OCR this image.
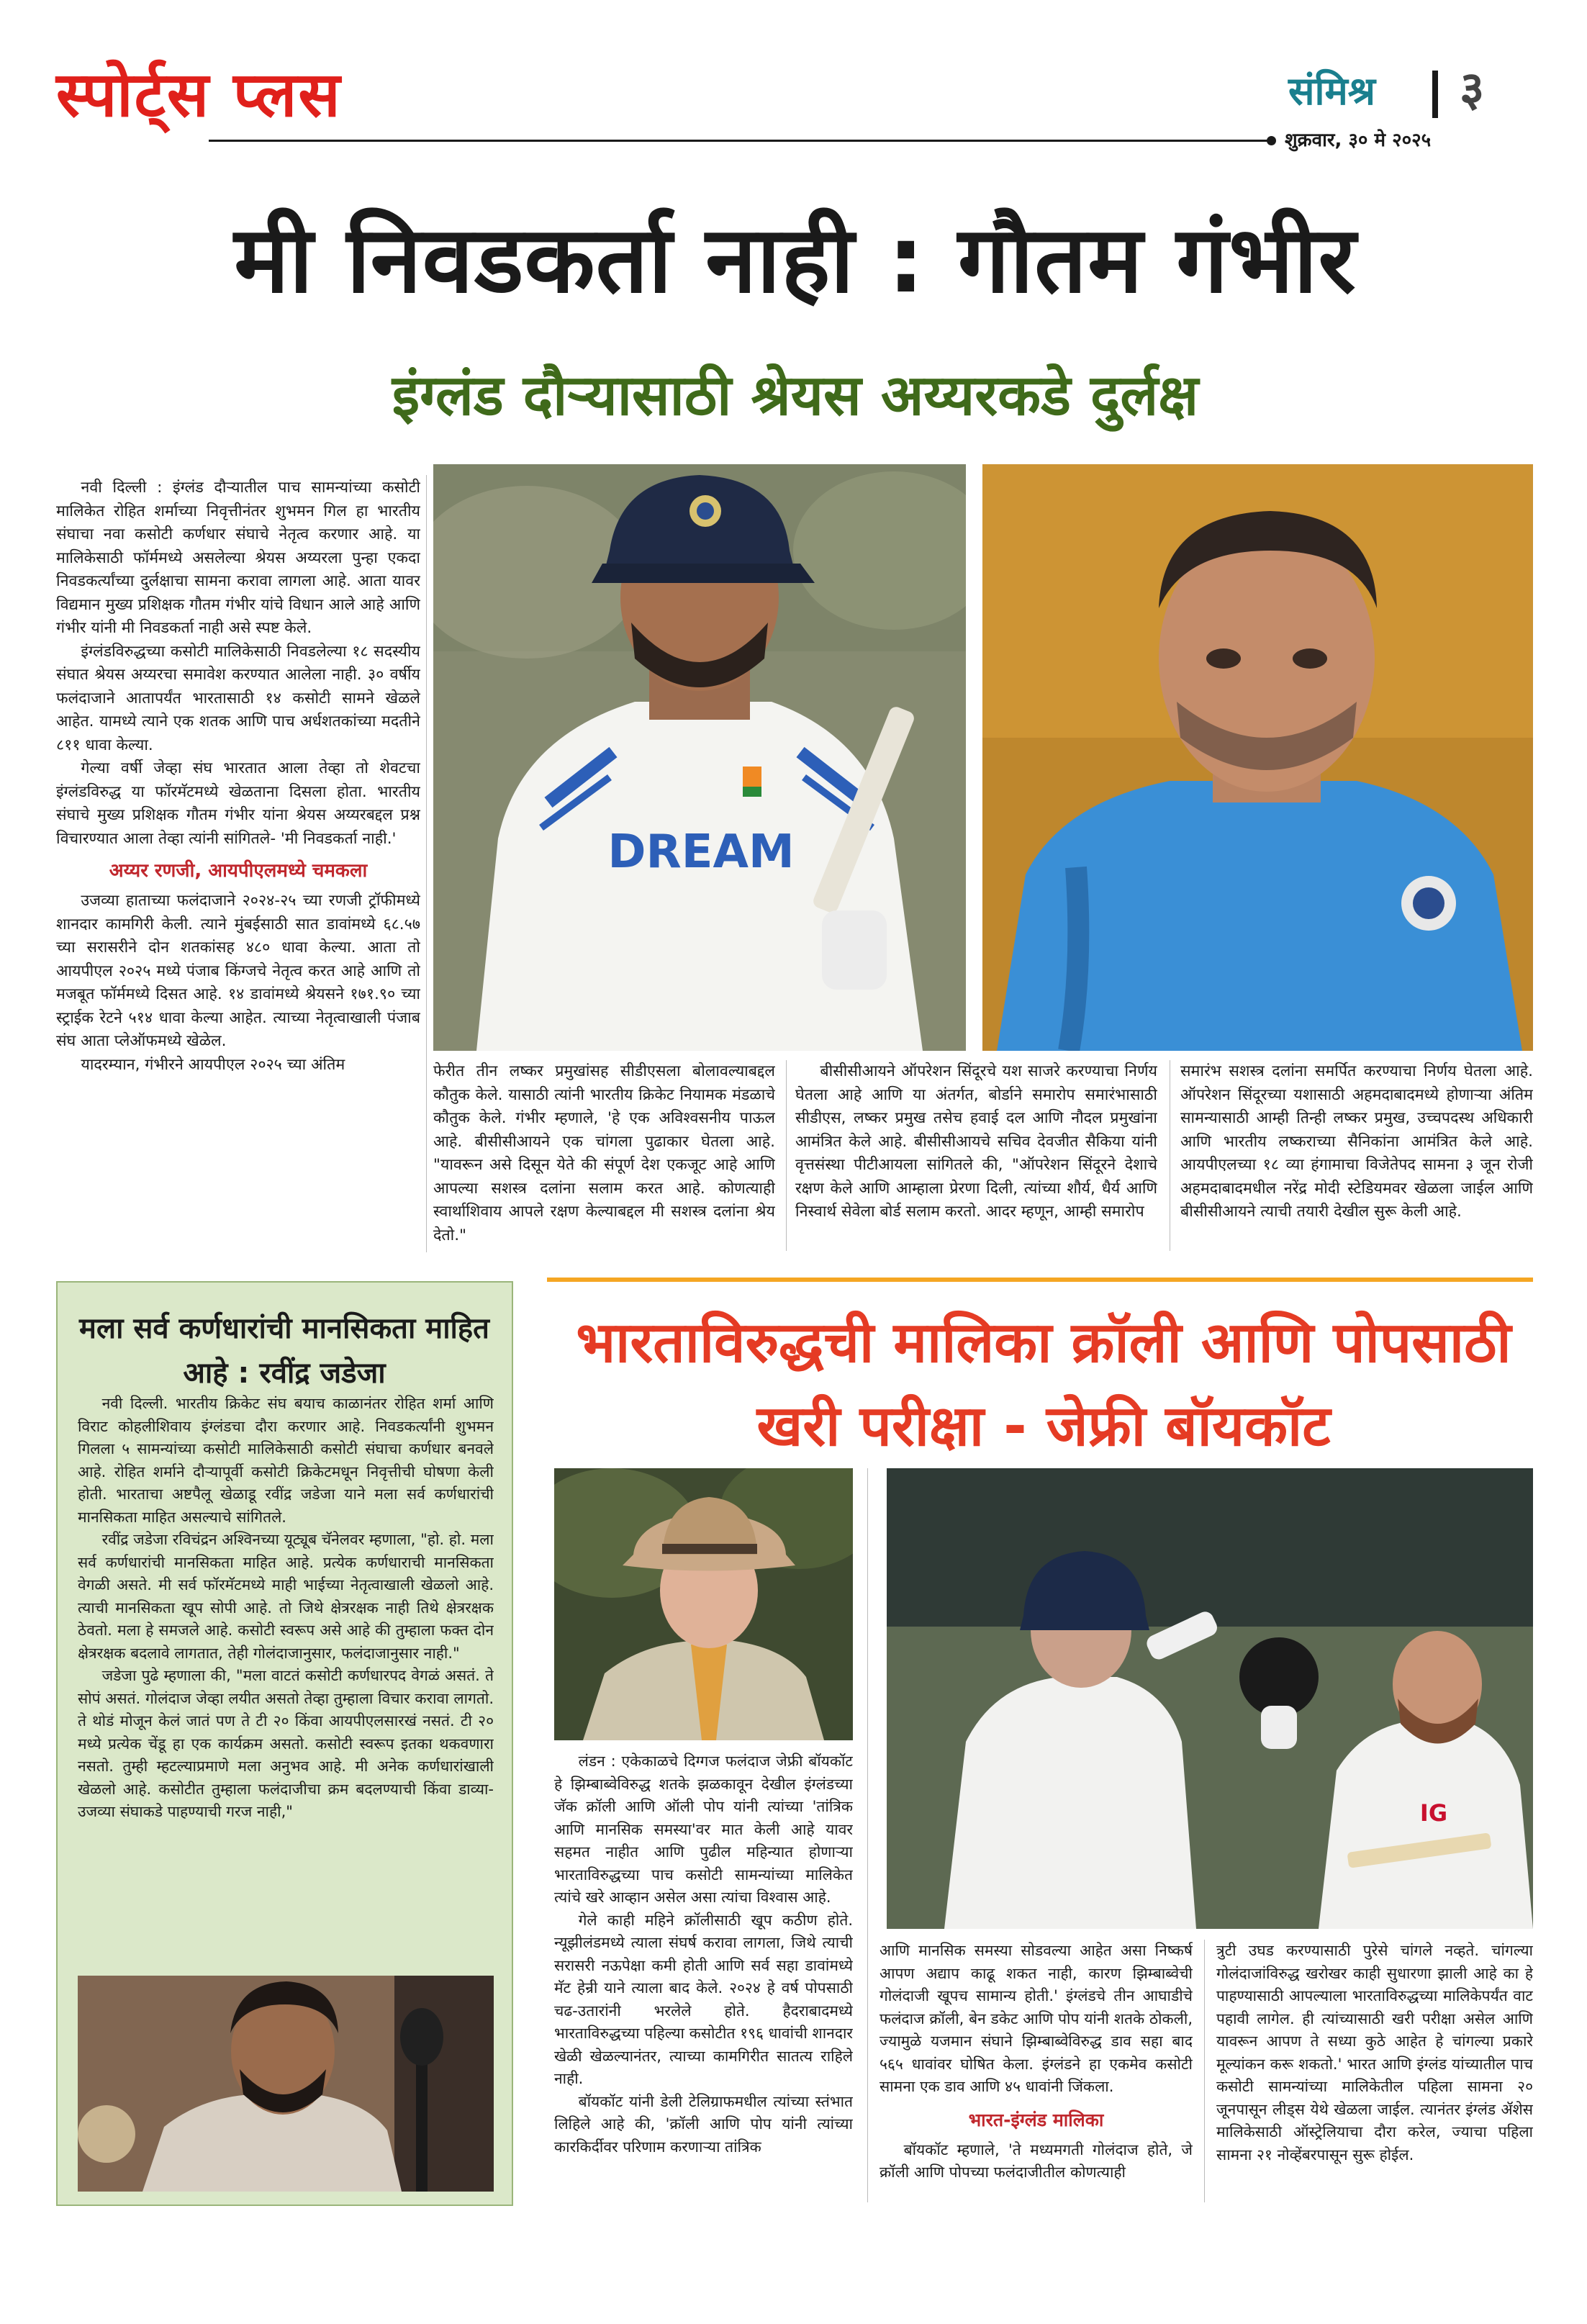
स्पोर्ट्स प्लस	संमिश्र ३
शुक्रवार, ३० मे २०२५
मी निवडकर्ता नाही : गौतम गंभीर
इंग्लंड दौऱ्यासाठी श्रेयस अय्यरकडे दुर्लक्ष

नवी दिल्ली : इंग्लंड दौऱ्यातील पाच सामन्यांच्या कसोटी मालिकेत रोहित शर्माच्या निवृत्तीनंतर शुभमन गिल हा भारतीय संघाचा नवा कसोटी कर्णधार संघाचे नेतृत्व करणार आहे. या मालिकेसाठी फॉर्ममध्ये असलेल्या श्रेयस अय्यरला पुन्हा एकदा निवडकर्त्यांच्या दुर्लक्षाचा सामना करावा लागला आहे. आता यावर विद्यमान मुख्य प्रशिक्षक गौतम गंभीर यांचे विधान आले आहे आणि गंभीर यांनी मी निवडकर्ता नाही असे स्पष्ट केले.

इंग्लंडविरुद्धच्या कसोटी मालिकेसाठी निवडलेल्या १८ सदस्यीय संघात श्रेयस अय्यरचा समावेश करण्यात आलेला नाही. ३० वर्षीय फलंदाजाने आतापर्यंत भारतासाठी १४ कसोटी सामने खेळले आहेत. यामध्ये त्याने एक शतक आणि पाच अर्धशतकांच्या मदतीने ८११ धावा केल्या.

गेल्या वर्षी जेव्हा संघ भारतात आला तेव्हा तो शेवटचा इंग्लंडविरुद्ध या फॉरमॅटमध्ये खेळताना दिसला होता. भारतीय संघाचे मुख्य प्रशिक्षक गौतम गंभीर यांना श्रेयस अय्यरबद्दल प्रश्न विचारण्यात आला तेव्हा त्यांनी सांगितले- 'मी निवडकर्ता नाही.'

अय्यर रणजी, आयपीएलमध्ये चमकला

उजव्या हाताच्या फलंदाजाने २०२४-२५ च्या रणजी ट्रॉफीमध्ये शानदार कामगिरी केली. त्याने मुंबईसाठी सात डावांमध्ये ६८.५७ च्या सरासरीने दोन शतकांसह ४८० धावा केल्या. आता तो आयपीएल २०२५ मध्ये पंजाब किंग्जचे नेतृत्व करत आहे आणि तो मजबूत फॉर्ममध्ये दिसत आहे. १४ डावांमध्ये श्रेयसने १७१.९० च्या स्ट्राईक रेटने ५१४ धावा केल्या आहेत. त्याच्या नेतृत्वाखाली पंजाब संघ आता प्लेऑफमध्ये खेळेल.

यादरम्यान, गंभीरने आयपीएल २०२५ च्या अंतिम

DREAM
फेरीत तीन लष्कर प्रमुखांसह सीडीएसला बोलावल्याबद्दल कौतुक केले. यासाठी त्यांनी भारतीय क्रिकेट नियामक मंडळाचे कौतुक केले. गंभीर म्हणाले, 'हे एक अविश्वसनीय पाऊल आहे. बीसीसीआयने एक चांगला पुढाकार घेतला आहे. "यावरून असे दिसून येते की संपूर्ण देश एकजूट आहे आणि आपल्या सशस्त्र दलांना सलाम करत आहे. कोणत्याही स्वार्थाशिवाय आपले रक्षण केल्याबद्दल मी सशस्त्र दलांना श्रेय देतो."
बीसीसीआयने ऑपरेशन सिंदूरचे यश साजरे करण्याचा निर्णय घेतला आहे आणि या अंतर्गत, बोर्डाने समारोप समारंभासाठी सीडीएस, लष्कर प्रमुख तसेच हवाई दल आणि नौदल प्रमुखांना आमंत्रित केले आहे. बीसीसीआयचे सचिव देवजीत सैकिया यांनी वृत्तसंस्था पीटीआयला सांगितले की, "ऑपरेशन सिंदूरने देशाचे रक्षण केले आणि आम्हाला प्रेरणा दिली, त्यांच्या शौर्य, धैर्य आणि निस्वार्थ सेवेला बोर्ड सलाम करतो. आदर म्हणून, आम्ही समारोप
समारंभ सशस्त्र दलांना समर्पित करण्याचा निर्णय घेतला आहे. ऑपरेशन सिंदूरच्या यशासाठी अहमदाबादमध्ये होणाऱ्या अंतिम सामन्यासाठी आम्ही तिन्ही लष्कर प्रमुख, उच्चपदस्थ अधिकारी आणि भारतीय लष्कराच्या सैनिकांना आमंत्रित केले आहे. आयपीएलच्या १८ व्या हंगामाचा विजेतेपद सामना ३ जून रोजी अहमदाबादमधील नरेंद्र मोदी स्टेडियमवर खेळला जाईल आणि बीसीसीआयने त्याची तयारी देखील सुरू केली आहे.
मला सर्व कर्णधारांची मानसिकता माहित आहे : रवींद्र जडेजा

नवी दिल्ली. भारतीय क्रिकेट संघ बयाच काळानंतर रोहित शर्मा आणि विराट कोहलीशिवाय इंग्लंडचा दौरा करणार आहे. निवडकर्त्यांनी शुभमन गिलला ५ सामन्यांच्या कसोटी मालिकेसाठी कसोटी संघाचा कर्णधार बनवले आहे. रोहित शर्माने दौऱ्यापूर्वी कसोटी क्रिकेटमधून निवृत्तीची घोषणा केली होती. भारताचा अष्टपैलू खेळाडू रवींद्र जडेजा याने मला सर्व कर्णधारांची मानसिकता माहित असल्याचे सांगितले.

रवींद्र जडेजा रविचंद्रन अश्विनच्या यूट्यूब चॅनेलवर म्हणाला, "हो. हो. मला सर्व कर्णधारांची मानसिकता माहित आहे. प्रत्येक कर्णधाराची मानसिकता वेगळी असते. मी सर्व फॉरमॅटमध्ये माही भाईच्या नेतृत्वाखाली खेळलो आहे. त्याची मानसिकता खूप सोपी आहे. तो जिथे क्षेत्ररक्षक नाही तिथे क्षेत्ररक्षक ठेवतो. मला हे समजले आहे. कसोटी स्वरूप असे आहे की तुम्हाला फक्त दोन क्षेत्ररक्षक बदलावे लागतात, तेही गोलंदाजानुसार, फलंदाजानुसार नाही."

जडेजा पुढे म्हणाला की, "मला वाटतं कसोटी कर्णधारपद वेगळं असतं. ते सोपं असतं. गोलंदाज जेव्हा लयीत असतो तेव्हा तुम्हाला विचार करावा लागतो. ते थोडं मोजून केलं जातं पण ते टी २० किंवा आयपीएलसारखं नसतं. टी २० मध्ये प्रत्येक चेंडू हा एक कार्यक्रम असतो. कसोटी स्वरूप इतका थकवणारा नसतो. तुम्ही म्हटल्याप्रमाणे मला अनुभव आहे. मी अनेक कर्णधारांखाली खेळलो आहे. कसोटीत तुम्हाला फलंदाजीचा क्रम बदलण्याची किंवा डाव्या-उजव्या संघाकडे पाहण्याची गरज नाही,"

भारताविरुद्धची मालिका क्रॉली आणि पोपसाठी खरी परीक्षा - जेफ्री बॉयकॉट
IG

लंडन : एकेकाळचे दिग्गज फलंदाज जेफ्री बॉयकॉट हे झिम्बाब्वेविरुद्ध शतके झळकावून देखील इंग्लंडच्या जॅक क्रॉली आणि ऑली पोप यांनी त्यांच्या 'तांत्रिक आणि मानसिक समस्या'वर मात केली आहे यावर सहमत नाहीत आणि पुढील महिन्यात होणाऱ्या भारताविरुद्धच्या पाच कसोटी सामन्यांच्या मालिकेत त्यांचे खरे आव्हान असेल असा त्यांचा विश्वास आहे.

गेले काही महिने क्रॉलीसाठी खूप कठीण होते. न्यूझीलंडमध्ये त्याला संघर्ष करावा लागला, जिथे त्याची सरासरी नऊपेक्षा कमी होती आणि सर्व सहा डावांमध्ये मॅट हेन्री याने त्याला बाद केले. २०२४ हे वर्ष पोपसाठी चढ-उतारांनी भरलेले होते. हैदराबादमध्ये भारताविरुद्धच्या पहिल्या कसोटीत १९६ धावांची शानदार खेळी खेळल्यानंतर, त्याच्या कामगिरीत सातत्य राहिले नाही.

बॉयकॉट यांनी डेली टेलिग्राफमधील त्यांच्या स्तंभात लिहिले आहे की, 'क्रॉली आणि पोप यांनी त्यांच्या कारकिर्दीवर परिणाम करणाऱ्या तांत्रिक

आणि मानसिक समस्या सोडवल्या आहेत असा निष्कर्ष आपण अद्याप काढू शकत नाही, कारण झिम्बाब्वेची गोलंदाजी खूपच सामान्य होती.' इंग्लंडचे तीन आघाडीचे फलंदाज क्रॉली, बेन डकेट आणि पोप यांनी शतके ठोकली, ज्यामुळे यजमान संघाने झिम्बाब्वेविरुद्ध डाव सहा बाद ५६५ धावांवर घोषित केला. इंग्लंडने हा एकमेव कसोटी सामना एक डाव आणि ४५ धावांनी जिंकला.

भारत-इंग्लंड मालिका

बॉयकॉट म्हणाले, 'ते मध्यमगती गोलंदाज होते, जे क्रॉली आणि पोपच्या फलंदाजीतील कोणत्याही

त्रुटी उघड करण्यासाठी पुरेसे चांगले नव्हते. चांगल्या गोलंदाजांविरुद्ध खरोखर काही सुधारणा झाली आहे का हे पाहण्यासाठी आपल्याला भारताविरुद्धच्या मालिकेपर्यंत वाट पहावी लागेल. ही त्यांच्यासाठी खरी परीक्षा असेल आणि यावरून आपण ते सध्या कुठे आहेत हे चांगल्या प्रकारे मूल्यांकन करू शकतो.' भारत आणि इंग्लंड यांच्यातील पाच कसोटी सामन्यांच्या मालिकेतील पहिला सामना २० जूनपासून लीड्स येथे खेळला जाईल. त्यानंतर इंग्लंड ॲशेस मालिकेसाठी ऑस्ट्रेलियाचा दौरा करेल, ज्याचा पहिला सामना २१ नोव्हेंबरपासून सुरू होईल.
